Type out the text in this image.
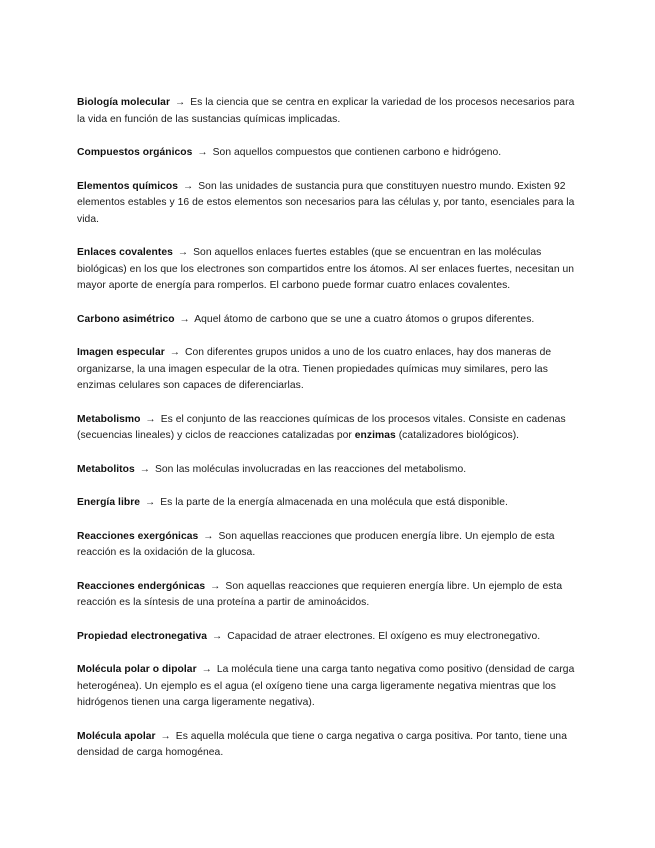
Biología molecular → Es la ciencia que se centra en explicar la variedad de los procesos necesarios para la vida en función de las sustancias químicas implicadas.

Compuestos orgánicos → Son aquellos compuestos que contienen carbono e hidrógeno.

Elementos químicos → Son las unidades de sustancia pura que constituyen nuestro mundo. Existen 92 elementos estables y 16 de estos elementos son necesarios para las células y, por tanto, esenciales para la vida.

Enlaces covalentes → Son aquellos enlaces fuertes estables (que se encuentran en las moléculas biológicas) en los que los electrones son compartidos entre los átomos. Al ser enlaces fuertes, necesitan un mayor aporte de energía para romperlos. El carbono puede formar cuatro enlaces covalentes.

Carbono asimétrico → Aquel átomo de carbono que se une a cuatro átomos o grupos diferentes.

Imagen especular → Con diferentes grupos unidos a uno de los cuatro enlaces, hay dos maneras de organizarse, la una imagen especular de la otra. Tienen propiedades químicas muy similares, pero las enzimas celulares son capaces de diferenciarlas.

Metabolismo → Es el conjunto de las reacciones químicas de los procesos vitales. Consiste en cadenas (secuencias lineales) y ciclos de reacciones catalizadas por enzimas (catalizadores biológicos).

Metabolitos → Son las moléculas involucradas en las reacciones del metabolismo.

Energía libre → Es la parte de la energía almacenada en una molécula que está disponible.

Reacciones exergónicas → Son aquellas reacciones que producen energía libre. Un ejemplo de esta reacción es la oxidación de la glucosa.

Reacciones endergónicas → Son aquellas reacciones que requieren energía libre. Un ejemplo de esta reacción es la síntesis de una proteína a partir de aminoácidos.

Propiedad electronegativa → Capacidad de atraer electrones. El oxígeno es muy electronegativo.

Molécula polar o dipolar → La molécula tiene una carga tanto negativa como positivo (densidad de carga heterogénea). Un ejemplo es el agua (el oxígeno tiene una carga ligeramente negativa mientras que los hidrógenos tienen una carga ligeramente negativa).

Molécula apolar → Es aquella molécula que tiene o carga negativa o carga positiva. Por tanto, tiene una densidad de carga homogénea.
